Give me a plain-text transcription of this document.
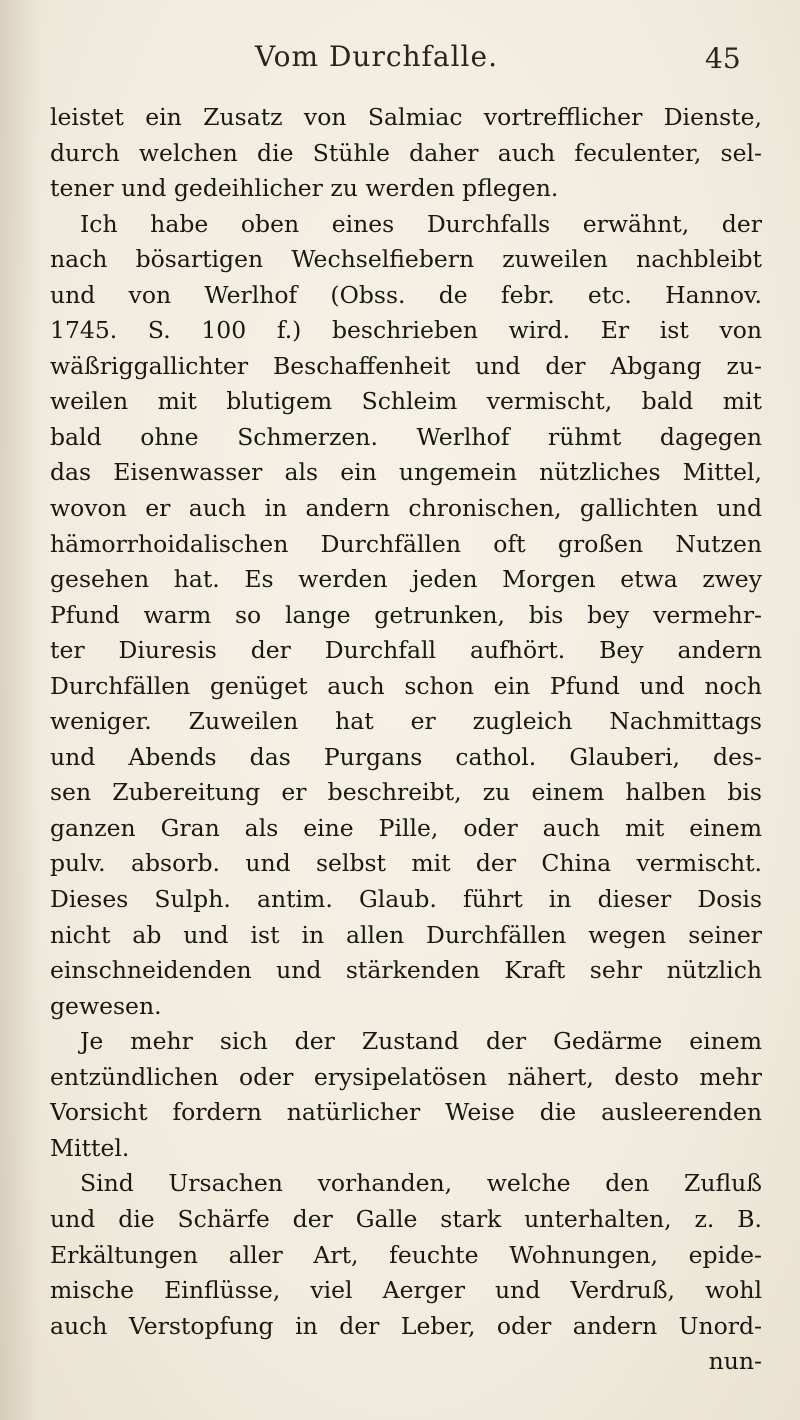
Vom Durchfalle.	45
leistet ein Zusatz von Salmiac vortrefflicher Dienste,
durch welchen die Stühle daher auch feculenter, sel-
tener und gedeihlicher zu werden pflegen.
Ich habe oben eines Durchfalls erwähnt, der
nach bösartigen Wechselfiebern zuweilen nachbleibt
und von Werlhof (Obss. de febr. etc. Hannov.
1745. S. 100 f.) beschrieben wird. Er ist von
wäßriggallichter Beschaffenheit und der Abgang zu-
weilen mit blutigem Schleim vermischt, bald mit
bald ohne Schmerzen. Werlhof rühmt dagegen
das Eisenwasser als ein ungemein nützliches Mittel,
wovon er auch in andern chronischen, gallichten und
hämorrhoidalischen Durchfällen oft großen Nutzen
gesehen hat. Es werden jeden Morgen etwa zwey
Pfund warm so lange getrunken, bis bey vermehr-
ter Diuresis der Durchfall aufhört. Bey andern
Durchfällen genüget auch schon ein Pfund und noch
weniger. Zuweilen hat er zugleich Nachmittags
und Abends das Purgans cathol. Glauberi, des-
sen Zubereitung er beschreibt, zu einem halben bis
ganzen Gran als eine Pille, oder auch mit einem
pulv. absorb. und selbst mit der China vermischt.
Dieses Sulph. antim. Glaub. führt in dieser Dosis
nicht ab und ist in allen Durchfällen wegen seiner
einschneidenden und stärkenden Kraft sehr nützlich
gewesen.
Je mehr sich der Zustand der Gedärme einem
entzündlichen oder erysipelatösen nähert, desto mehr
Vorsicht fordern natürlicher Weise die ausleerenden
Mittel.
Sind Ursachen vorhanden, welche den Zufluß
und die Schärfe der Galle stark unterhalten, z. B.
Erkältungen aller Art, feuchte Wohnungen, epide-
mische Einflüsse, viel Aerger und Verdruß, wohl
auch Verstopfung in der Leber, oder andern Unord-
nun-
